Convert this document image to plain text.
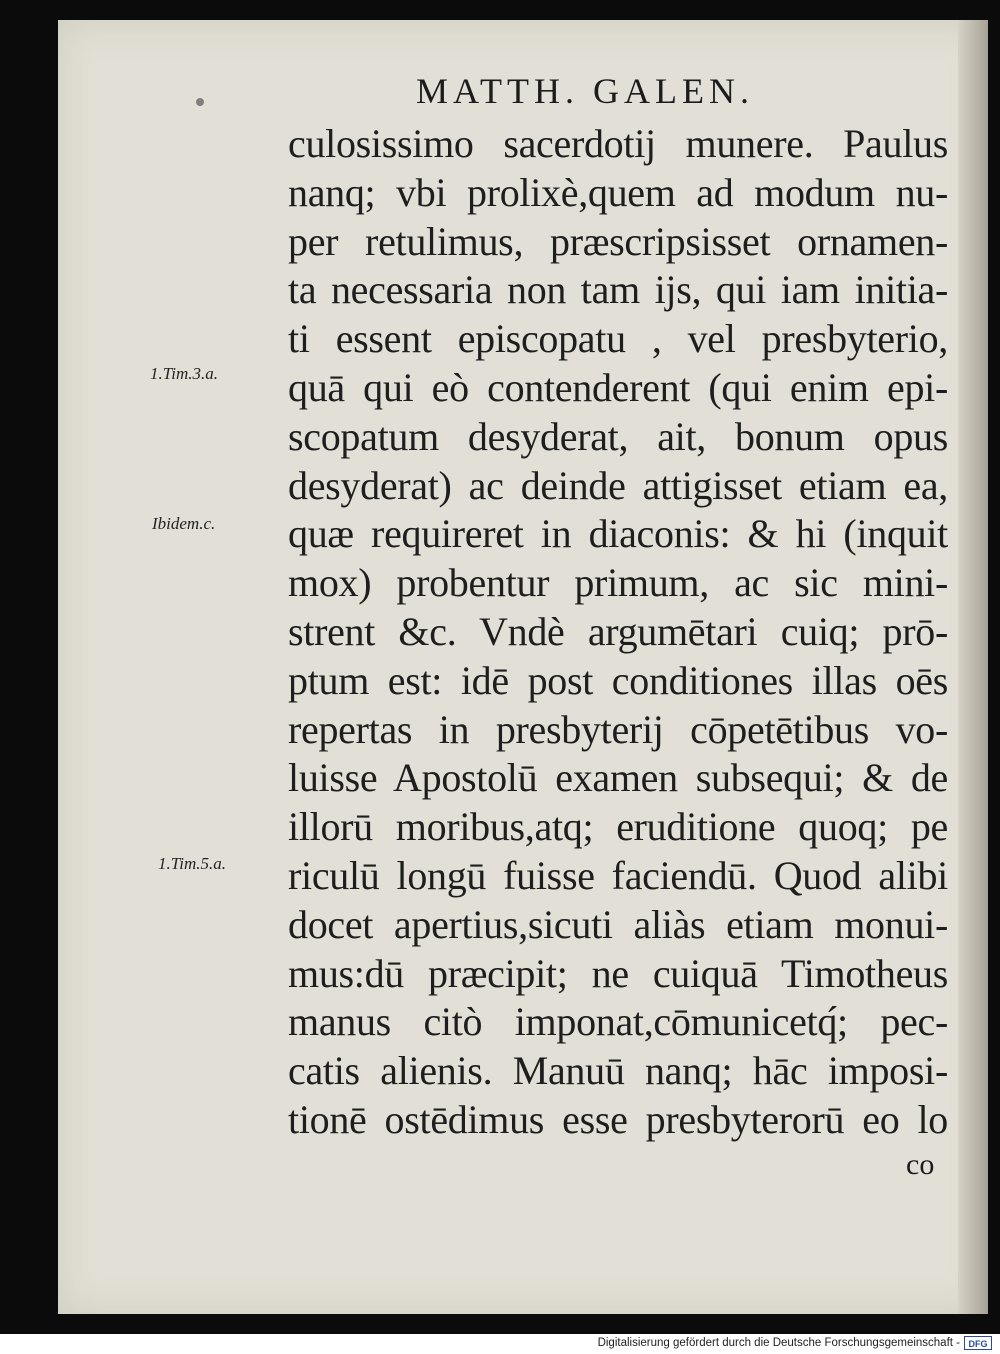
MATTH. GALEN.
1.Tim.3.a.
Ibidem.c.
1.Tim.5.a.
culosissimo sacerdotij munere. Paulus
nanq; vbi prolixè,quem ad modum nu-
per retulimus, præscripsisset ornamen-
ta necessaria non tam ijs, qui iam initia-
ti essent episcopatu , vel presbyterio,
quā qui eò contenderent (qui enim epi-
scopatum desyderat, ait, bonum opus
desyderat) ac deinde attigisset etiam ea,
quæ requireret in diaconis: & hi (inquit
mox) probentur primum, ac sic mini-
strent &c. Vndè argumētari cuiq; prō-
ptum est: idē post conditiones illas oēs
repertas in presbyterij cōpetētibus vo-
luisse Apostolū examen subsequi; & de
illorū moribus,atq; eruditione quoq; pe
riculū longū fuisse faciendū. Quod alibi
docet apertius,sicuti aliàs etiam monui-
mus:dū præcipit; ne cuiquā Timotheus
manus citò imponat,cōmunicetq́; pec-
catis alienis. Manuū nanq; hāc imposi-
tionē ostēdimus esse presbyterorū eo lo
co
Digitalisierung gefördert durch die Deutsche Forschungsgemeinschaft - DFG
